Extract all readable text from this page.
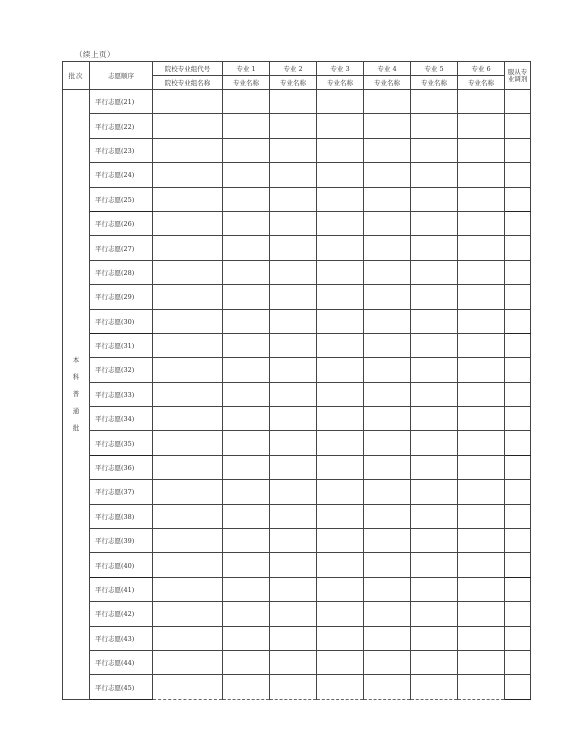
（续上页）
批次	志愿顺序	院校专业组代号	专业 1	专业 2	专业 3	专业 4	专业 5	专业 6	服从专业调剂
		院校专业组名称	专业名称	专业名称	专业名称	专业名称	专业名称	专业名称	

本
科
普
通
批	平行志愿(21)								
	平行志愿(22)								
	平行志愿(23)								
	平行志愿(24)								
	平行志愿(25)								
	平行志愿(26)								
	平行志愿(27)								
	平行志愿(28)								
	平行志愿(29)								
	平行志愿(30)								
	平行志愿(31)								
	平行志愿(32)								
	平行志愿(33)								
	平行志愿(34)								
	平行志愿(35)								
	平行志愿(36)								
	平行志愿(37)								
	平行志愿(38)								
	平行志愿(39)								
	平行志愿(40)								
	平行志愿(41)								
	平行志愿(42)								
	平行志愿(43)								
	平行志愿(44)								
	平行志愿(45)								
